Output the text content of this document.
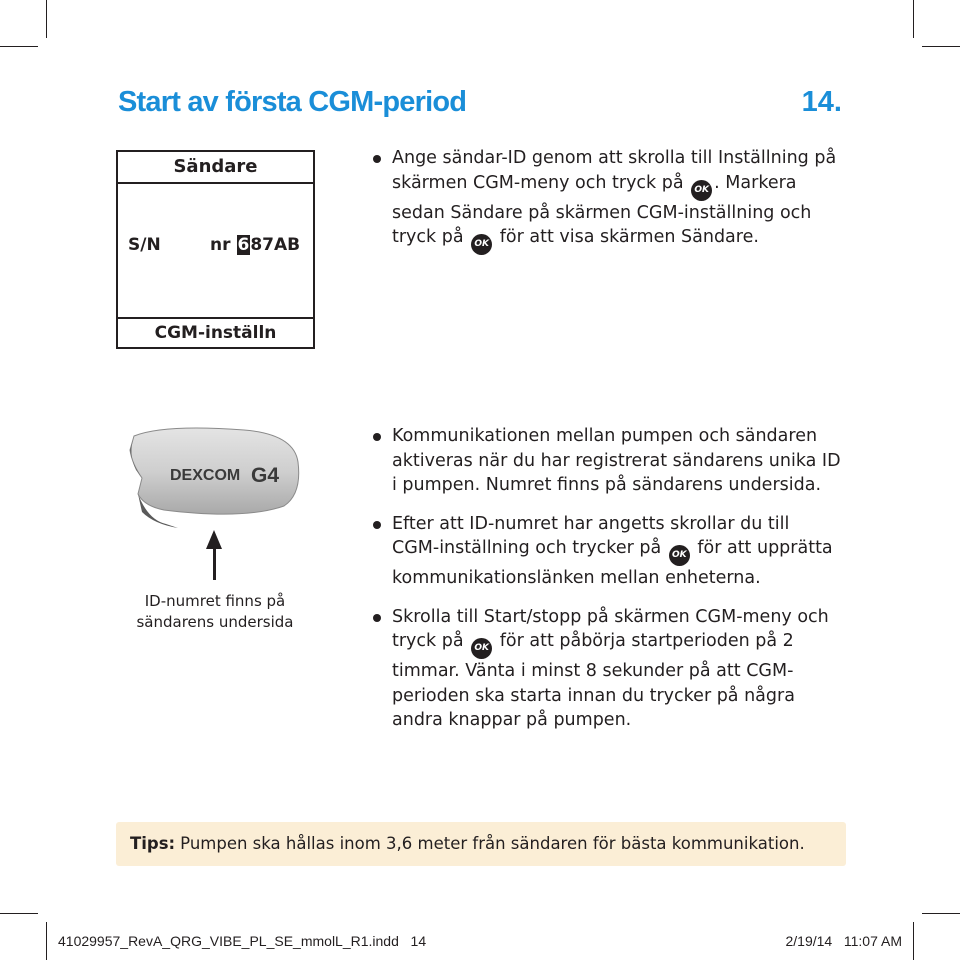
Start av första CGM-period	14.
Sändare
S/N	nr 687AB
CGM-inställn
Ange sändar-ID genom att skrolla till Inställning på skärmen CGM-meny och tryck på OK . Markera sedan Sändare på skärmen CGM-inställning och tryck på OK för att visa skärmen Sändare.
DEXCOM G4
ID-numret finns på
sändarens undersida
Kommunikationen mellan pumpen och sändaren aktiveras när du har registrerat sändarens unika ID i pumpen. Numret finns på sändarens undersida.
Efter att ID-numret har angetts skrollar du till CGM-inställning och trycker på OK för att upprätta kommunikationslänken mellan enheterna.
Skrolla till Start/stopp på skärmen CGM-meny och tryck på OK för att påbörja startperioden på 2 timmar. Vänta i minst 8 sekunder på att CGM-perioden ska starta innan du trycker på några andra knappar på pumpen.
Tips: Pumpen ska hållas inom 3,6 meter från sändaren för bästa kommunikation.
41029957_RevA_QRG_VIBE_PL_SE_mmolL_R1.indd   14	2/19/14   11:07 AM
